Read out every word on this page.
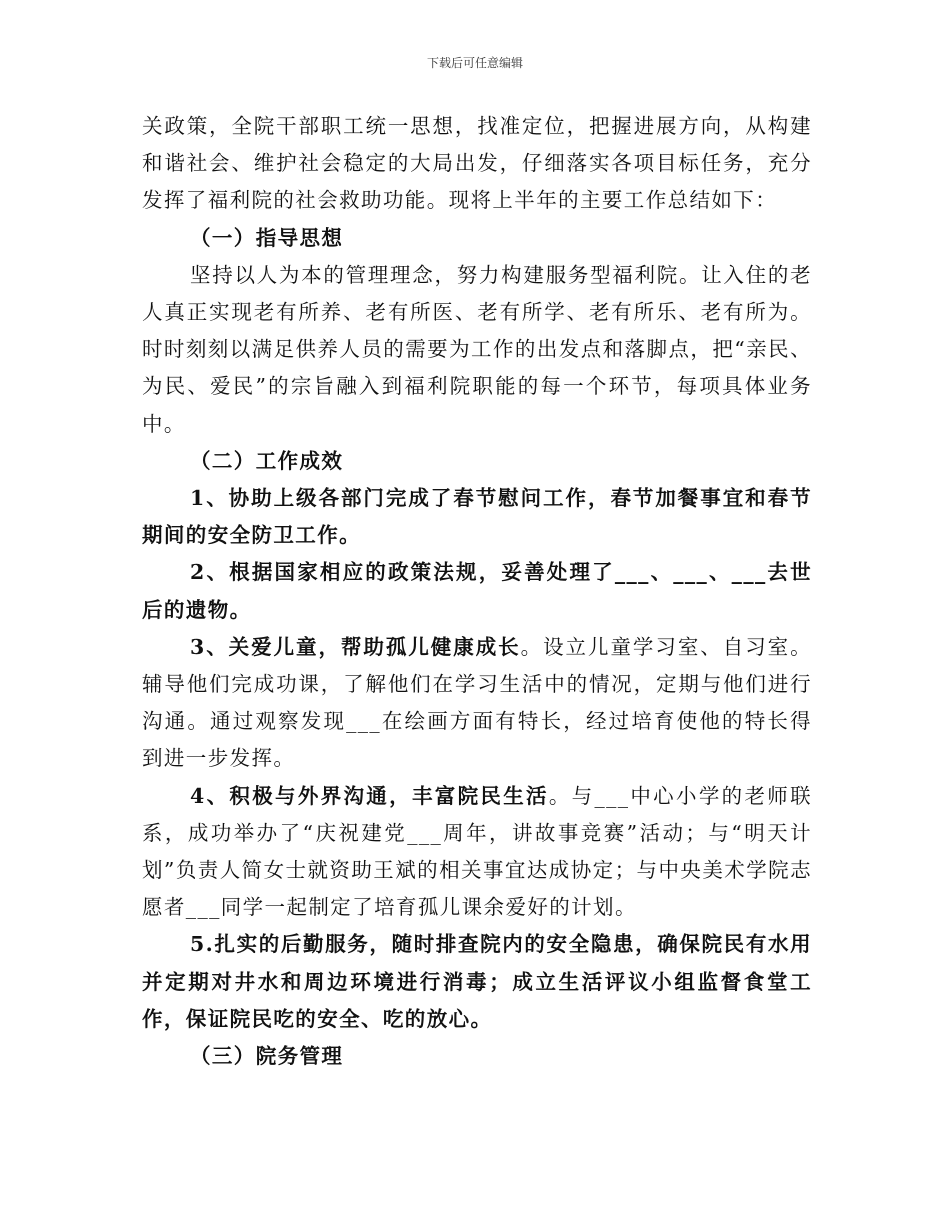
下载后可任意编辑

关政策，全院干部职工统一思想，找准定位，把握进展方向，从构建和谐社会、维护社会稳定的大局出发，仔细落实各项目标任务，充分发挥了福利院的社会救助功能。现将上半年的主要工作总结如下：

（一）指导思想

坚持以人为本的管理理念，努力构建服务型福利院。让入住的老人真正实现老有所养、老有所医、老有所学、老有所乐、老有所为。时时刻刻以满足供养人员的需要为工作的出发点和落脚点，把“亲民、为民、爱民”的宗旨融入到福利院职能的每一个环节，每项具体业务中。

（二）工作成效

1、协助上级各部门完成了春节慰问工作，春节加餐事宜和春节期间的安全防卫工作。

2、根据国家相应的政策法规，妥善处理了___、___、___去世后的遗物。

3、关爱儿童，帮助孤儿健康成长。设立儿童学习室、自习室。辅导他们完成功课，了解他们在学习生活中的情况，定期与他们进行沟通。通过观察发现___在绘画方面有特长，经过培育使他的特长得到进一步发挥。

4、积极与外界沟通，丰富院民生活。与___中心小学的老师联系，成功举办了“庆祝建党___周年，讲故事竞赛”活动；与“明天计划”负责人简女士就资助王斌的相关事宜达成协定；与中央美术学院志愿者___同学一起制定了培育孤儿课余爱好的计划。

5.扎实的后勤服务，随时排查院内的安全隐患，确保院民有水用并定期对井水和周边环境进行消毒；成立生活评议小组监督食堂工作，保证院民吃的安全、吃的放心。

（三）院务管理
